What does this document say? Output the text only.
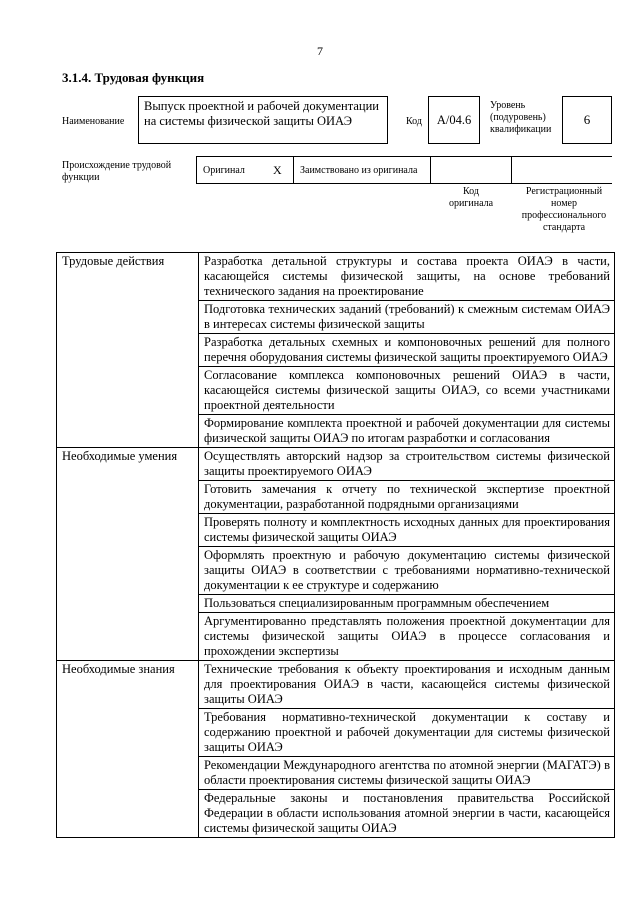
7
3.1.4. Трудовая функция
Наименование
Выпуск проектной и рабочей документации на системы физической защиты ОИАЭ	Код	A/04.6
Уровень (подуровень) квалификации
6
Происхождение трудовой функции
Оригинал X Заимствовано из оригинала
Код оригинала
Регистрационный номер профессионального стандарта
Трудовые действия	Разработка детальной структуры и состава проекта ОИАЭ в части, касающейся системы физической защиты, на основе требований технического задания на проектирование
	Подготовка технических заданий (требований) к смежным системам ОИАЭ в интересах системы физической защиты
	Разработка детальных схемных и компоновочных решений для полного перечня оборудования системы физической защиты проектируемого ОИАЭ
	Согласование комплекса компоновочных решений ОИАЭ в части, касающейся системы физической защиты ОИАЭ, со всеми участниками проектной деятельности
	Формирование комплекта проектной и рабочей документации для системы физической защиты ОИАЭ по итогам разработки и согласования
Необходимые умения	Осуществлять авторский надзор за строительством системы физической защиты проектируемого ОИАЭ
	Готовить замечания к отчету по технической экспертизе проектной документации, разработанной подрядными организациями
	Проверять полноту и комплектность исходных данных для проектирования системы физической защиты ОИАЭ
	Оформлять проектную и рабочую документацию системы физической защиты ОИАЭ в соответствии с требованиями нормативно-технической документации к ее структуре и содержанию
	Пользоваться специализированным программным обеспечением
	Аргументированно представлять положения проектной документации для системы физической защиты ОИАЭ в процессе согласования и прохождении экспертизы
Необходимые знания	Технические требования к объекту проектирования и исходным данным для проектирования ОИАЭ в части, касающейся системы физической защиты ОИАЭ
	Требования нормативно-технической документации к составу и содержанию проектной и рабочей документации для системы физической защиты ОИАЭ
	Рекомендации Международного агентства по атомной энергии (МАГАТЭ) в области проектирования системы физической защиты ОИАЭ
	Федеральные законы и постановления правительства Российской Федерации в области использования атомной энергии в части, касающейся системы физической защиты ОИАЭ
